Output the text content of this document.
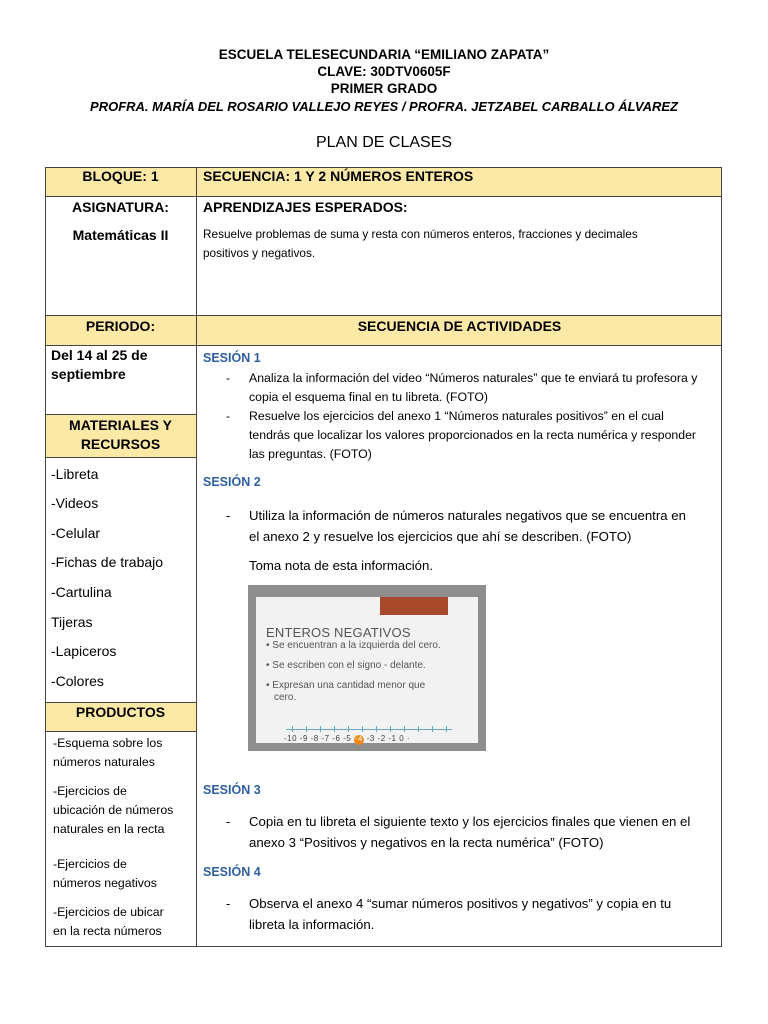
ESCUELA TELESECUNDARIA “EMILIANO ZAPATA”
CLAVE: 30DTV0605F
PRIMER GRADO
PROFRA. MARÍA DEL ROSARIO VALLEJO REYES / PROFRA. JETZABEL CARBALLO ÁLVAREZ
PLAN DE CLASES
BLOQUE: 1
ASIGNATURA:
Matemáticas II
PERIODO:
Del 14 al 25 de
septiembre
MATERIALES Y
RECURSOS
-Libreta
-Videos
-Celular
-Fichas de trabajo
-Cartulina
Tijeras
-Lapiceros
-Colores
PRODUCTOS
-Esquema sobre los
números naturales
-Ejercicios de
ubicación de números
naturales en la recta
-Ejercicios de
números negativos
-Ejercicios de ubicar
en la recta números
SECUENCIA: 1 Y 2 NÚMEROS ENTEROS
APRENDIZAJES ESPERADOS:
Resuelve problemas de suma y resta con números enteros, fracciones y decimales
positivos y negativos.
SECUENCIA DE ACTIVIDADES
SESIÓN 1
- Analiza la información del video “Números naturales” que te enviará tu profesora y
copia el esquema final en tu libreta. (FOTO)
- Resuelve los ejercicios del anexo 1 “Números naturales positivos” en el cual
tendrás que localizar los valores proporcionados en la recta numérica y responder
las preguntas. (FOTO)
SESIÓN 2
- Utiliza la información de números naturales negativos que se encuentra en
el anexo 2 y resuelve los ejercicios que ahí se describen. (FOTO)
Toma nota de esta información.
ENTEROS NEGATIVOS
• Se encuentran a la izquierda del cero.
• Se escriben con el signo - delante.
• Expresan una cantidad menor que
cero.
-10 -9 -8 -7 -6 -5 -4 -3 -2 -1 0 ·
SESIÓN 3
- Copia en tu libreta el siguiente texto y los ejercicios finales que vienen en el
anexo 3 “Positivos y negativos en la recta numérica” (FOTO)
SESIÓN 4
- Observa el anexo 4 “sumar números positivos y negativos” y copia en tu
libreta la información.
